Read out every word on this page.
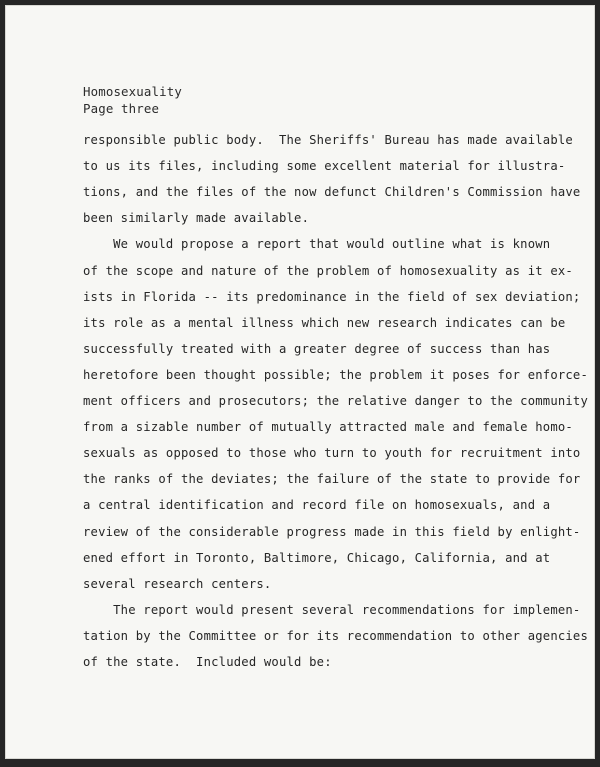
Homosexuality
Page three
responsible public body.  The Sheriffs' Bureau has made available
to us its files, including some excellent material for illustra-
tions, and the files of the now defunct Children's Commission have
been similarly made available.
We would propose a report that would outline what is known
of the scope and nature of the problem of homosexuality as it ex-
ists in Florida -- its predominance in the field of sex deviation;
its role as a mental illness which new research indicates can be
successfully treated with a greater degree of success than has
heretofore been thought possible; the problem it poses for enforce-
ment officers and prosecutors; the relative danger to the community
from a sizable number of mutually attracted male and female homo-
sexuals as opposed to those who turn to youth for recruitment into
the ranks of the deviates; the failure of the state to provide for
a central identification and record file on homosexuals, and a
review of the considerable progress made in this field by enlight-
ened effort in Toronto, Baltimore, Chicago, California, and at
several research centers.
The report would present several recommendations for implemen-
tation by the Committee or for its recommendation to other agencies
of the state.  Included would be:
